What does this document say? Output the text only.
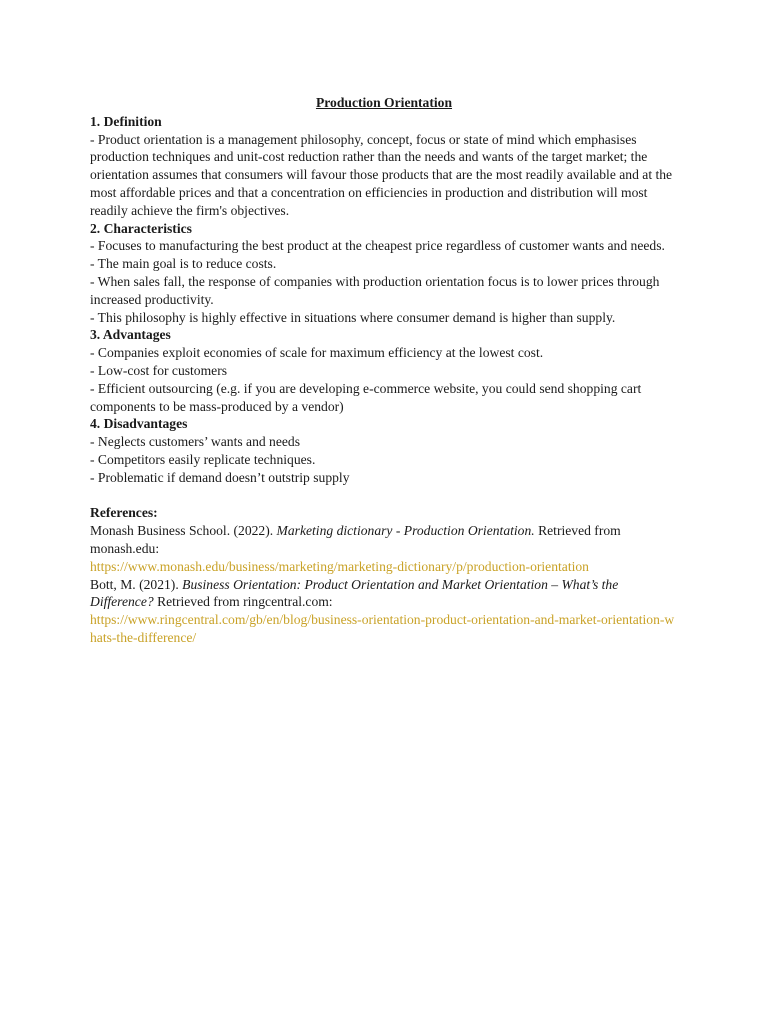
Production Orientation

1. Definition

- Product orientation is a management philosophy, concept, focus or state of mind which emphasises production techniques and unit-cost reduction rather than the needs and wants of the target market; the orientation assumes that consumers will favour those products that are the most readily available and at the most affordable prices and that a concentration on efficiencies in production and distribution will most readily achieve the firm's objectives.

2. Characteristics

- Focuses to manufacturing the best product at the cheapest price regardless of customer wants and needs.

- The main goal is to reduce costs.

- When sales fall, the response of companies with production orientation focus is to lower prices through increased productivity.

- This philosophy is highly effective in situations where consumer demand is higher than supply.

3. Advantages

- Companies exploit economies of scale for maximum efficiency at the lowest cost.

- Low-cost for customers

- Efficient outsourcing (e.g. if you are developing e-commerce website, you could send shopping cart components to be mass-produced by a vendor)

4. Disadvantages

- Neglects customers’ wants and needs

- Competitors easily replicate techniques.

- Problematic if demand doesn’t outstrip supply

References:

Monash Business School. (2022). Marketing dictionary - Production Orientation. Retrieved from monash.edu:

https://www.monash.edu/business/marketing/marketing-dictionary/p/production-orientation

Bott, M. (2021). Business Orientation: Product Orientation and Market Orientation – What’s the Difference? Retrieved from ringcentral.com:

https://www.ringcentral.com/gb/en/blog/business-orientation-product-orientation-and-market-orientation-whats-the-difference/
